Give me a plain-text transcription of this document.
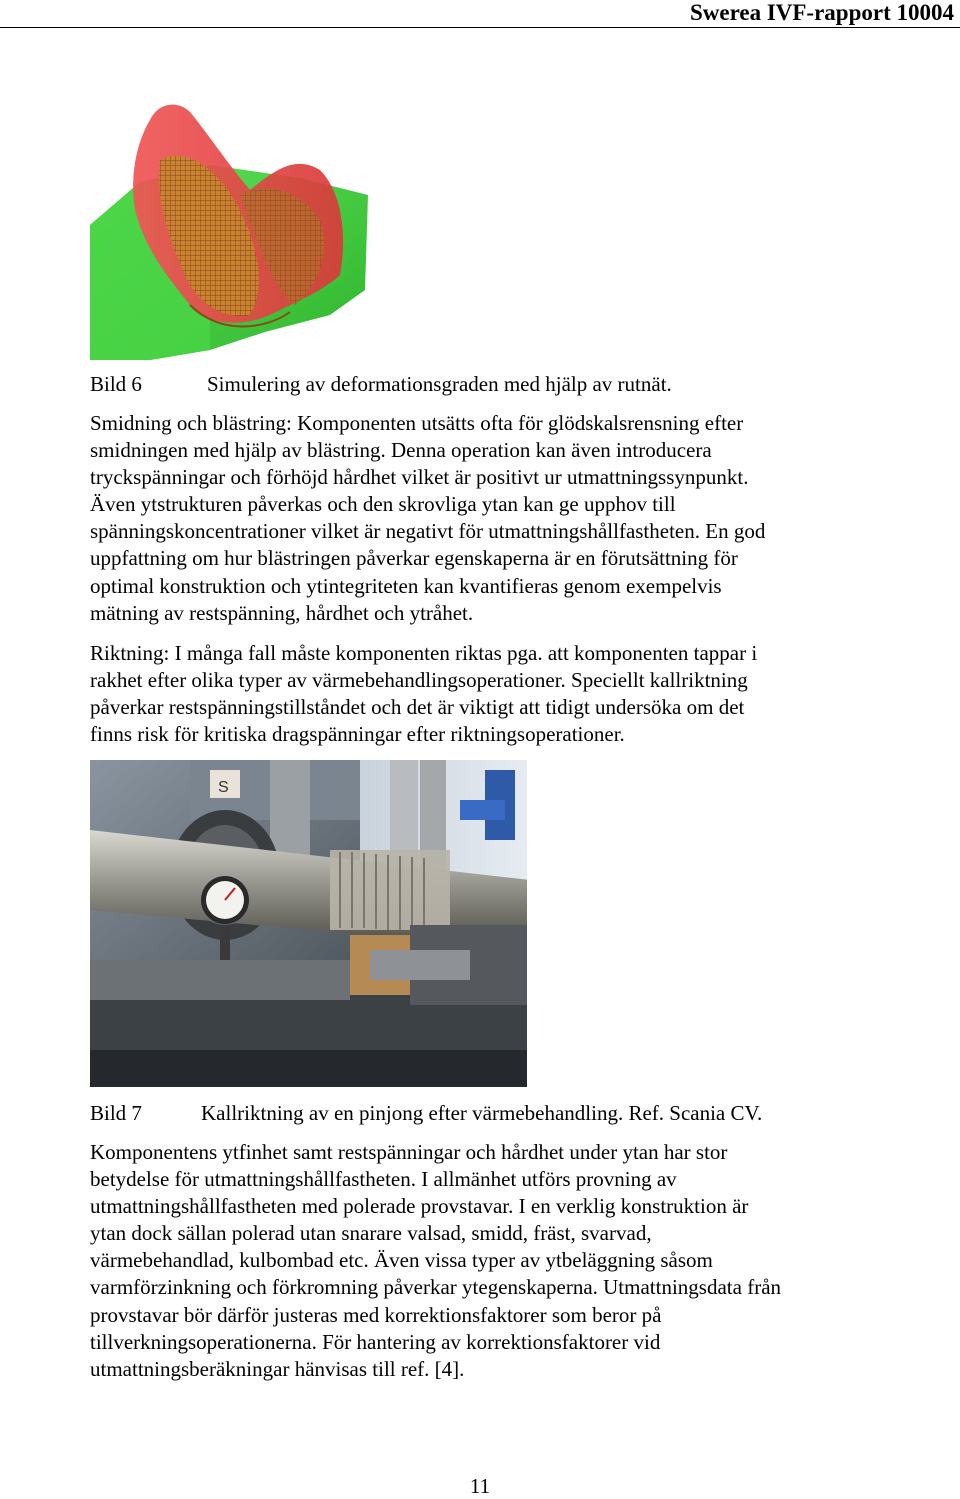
Swerea IVF-rapport 10004
Bild 6	Simulering av deformationsgraden med hjälp av rutnät.
Smidning och blästring: Komponenten utsätts ofta för glödskalsrensning efter
smidningen med hjälp av blästring. Denna operation kan även introducera
tryckspänningar och förhöjd hårdhet vilket är positivt ur utmattningssynpunkt.
Även ytstrukturen påverkas och den skrovliga ytan kan ge upphov till
spänningskoncentrationer vilket är negativt för utmattningshållfastheten. En god
uppfattning om hur blästringen påverkar egenskaperna är en förutsättning för
optimal konstruktion och ytintegriteten kan kvantifieras genom exempelvis
mätning av restspänning, hårdhet och ytråhet.
Riktning: I många fall måste komponenten riktas pga. att komponenten tappar i
rakhet efter olika typer av värmebehandlingsoperationer. Speciellt kallriktning
påverkar restspänningstillståndet och det är viktigt att tidigt undersöka om det
finns risk för kritiska dragspänningar efter riktningsoperationer.
S
Bild 7	Kallriktning av en pinjong efter värmebehandling. Ref. Scania CV.
Komponentens ytfinhet samt restspänningar och hårdhet under ytan har stor
betydelse för utmattningshållfastheten. I allmänhet utförs provning av
utmattningshållfastheten med polerade provstavar. I en verklig konstruktion är
ytan dock sällan polerad utan snarare valsad, smidd, fräst, svarvad,
värmebehandlad, kulbombad etc. Även vissa typer av ytbeläggning såsom
varmförzinkning och förkromning påverkar ytegenskaperna. Utmattningsdata från
provstavar bör därför justeras med korrektionsfaktorer som beror på
tillverkningsoperationerna. För hantering av korrektionsfaktorer vid
utmattningsberäkningar hänvisas till ref. [4].
11
